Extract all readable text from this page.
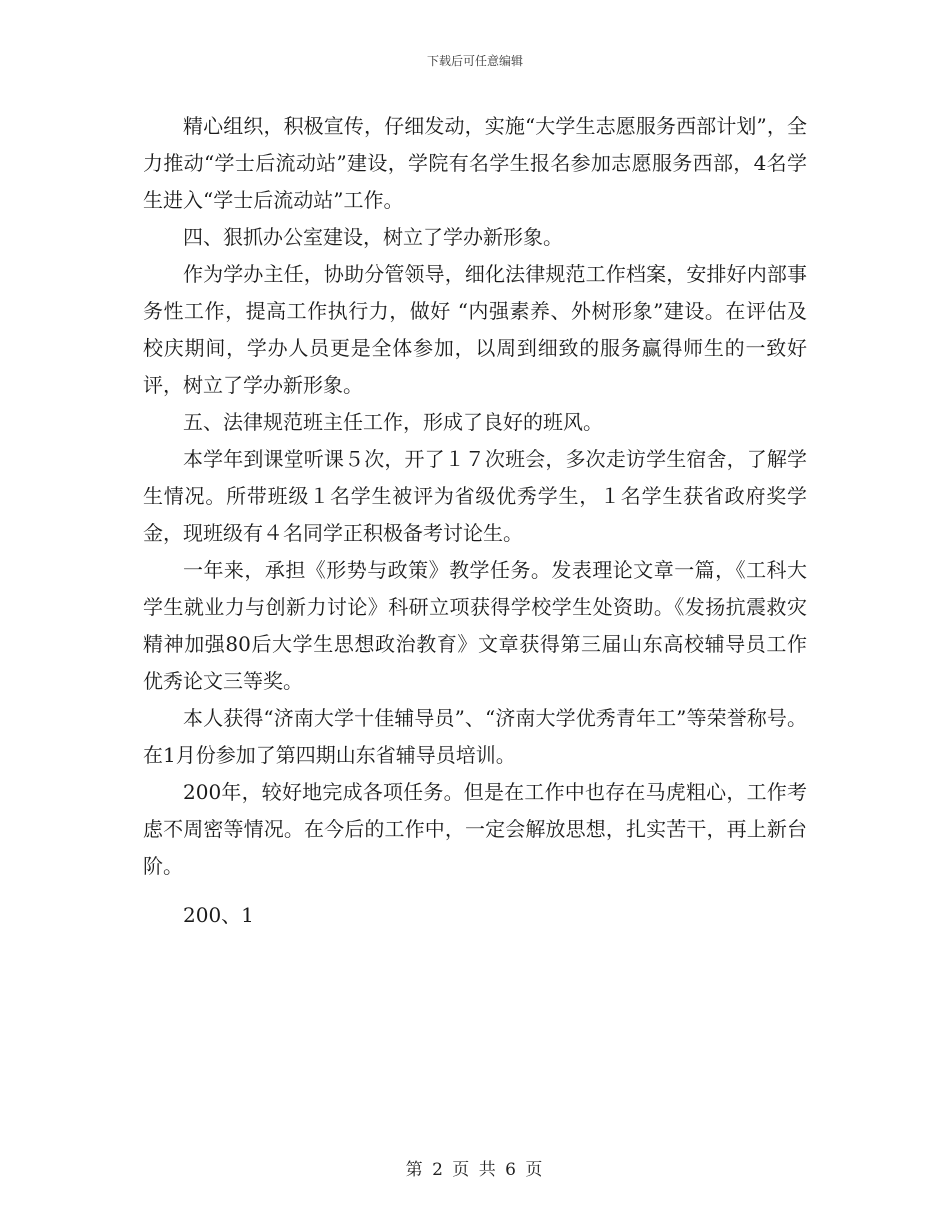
下载后可任意编辑

精心组织，积极宣传，仔细发动，实施“大学生志愿服务西部计划”，全力推动“学士后流动站”建设，学院有名学生报名参加志愿服务西部，4名学生进入“学士后流动站”工作。

四、狠抓办公室建设，树立了学办新形象。

作为学办主任，协助分管领导，细化法律规范工作档案，安排好内部事务性工作，提高工作执行力，做好 “内强素养、外树形象”建设。在评估及校庆期间，学办人员更是全体参加，以周到细致的服务赢得师生的一致好评，树立了学办新形象。

五、法律规范班主任工作，形成了良好的班风。

本学年到课堂听课５次，开了１７次班会，多次走访学生宿舍，了解学生情况。所带班级１名学生被评为省级优秀学生，１名学生获省政府奖学金，现班级有４名同学正积极备考讨论生。

一年来，承担《形势与政策》教学任务。发表理论文章一篇，《工科大学生就业力与创新力讨论》科研立项获得学校学生处资助。《发扬抗震救灾精神加强80后大学生思想政治教育》文章获得第三届山东高校辅导员工作优秀论文三等奖。

本人获得“济南大学十佳辅导员”、“济南大学优秀青年工”等荣誉称号。在1月份参加了第四期山东省辅导员培训。

200年，较好地完成各项任务。但是在工作中也存在马虎粗心，工作考虑不周密等情况。在今后的工作中，一定会解放思想，扎实苦干，再上新台阶。

200、1

第 2 页 共 6 页
